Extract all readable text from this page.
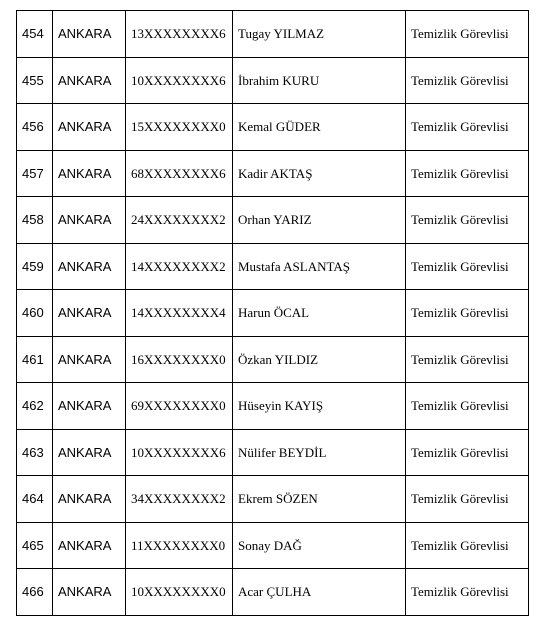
454	ANKARA	13XXXXXXXX6	Tugay YILMAZ	Temizlik Görevlisi
455	ANKARA	10XXXXXXXX6	İbrahim KURU	Temizlik Görevlisi
456	ANKARA	15XXXXXXXX0	Kemal GÜDER	Temizlik Görevlisi
457	ANKARA	68XXXXXXXX6	Kadir AKTAŞ	Temizlik Görevlisi
458	ANKARA	24XXXXXXXX2	Orhan YARIZ	Temizlik Görevlisi
459	ANKARA	14XXXXXXXX2	Mustafa ASLANTAŞ	Temizlik Görevlisi
460	ANKARA	14XXXXXXXX4	Harun ÖCAL	Temizlik Görevlisi
461	ANKARA	16XXXXXXXX0	Özkan YILDIZ	Temizlik Görevlisi
462	ANKARA	69XXXXXXXX0	Hüseyin KAYIŞ	Temizlik Görevlisi
463	ANKARA	10XXXXXXXX6	Nülifer BEYDİL	Temizlik Görevlisi
464	ANKARA	34XXXXXXXX2	Ekrem SÖZEN	Temizlik Görevlisi
465	ANKARA	11XXXXXXXX0	Sonay DAĞ	Temizlik Görevlisi
466	ANKARA	10XXXXXXXX0	Acar ÇULHA	Temizlik Görevlisi
